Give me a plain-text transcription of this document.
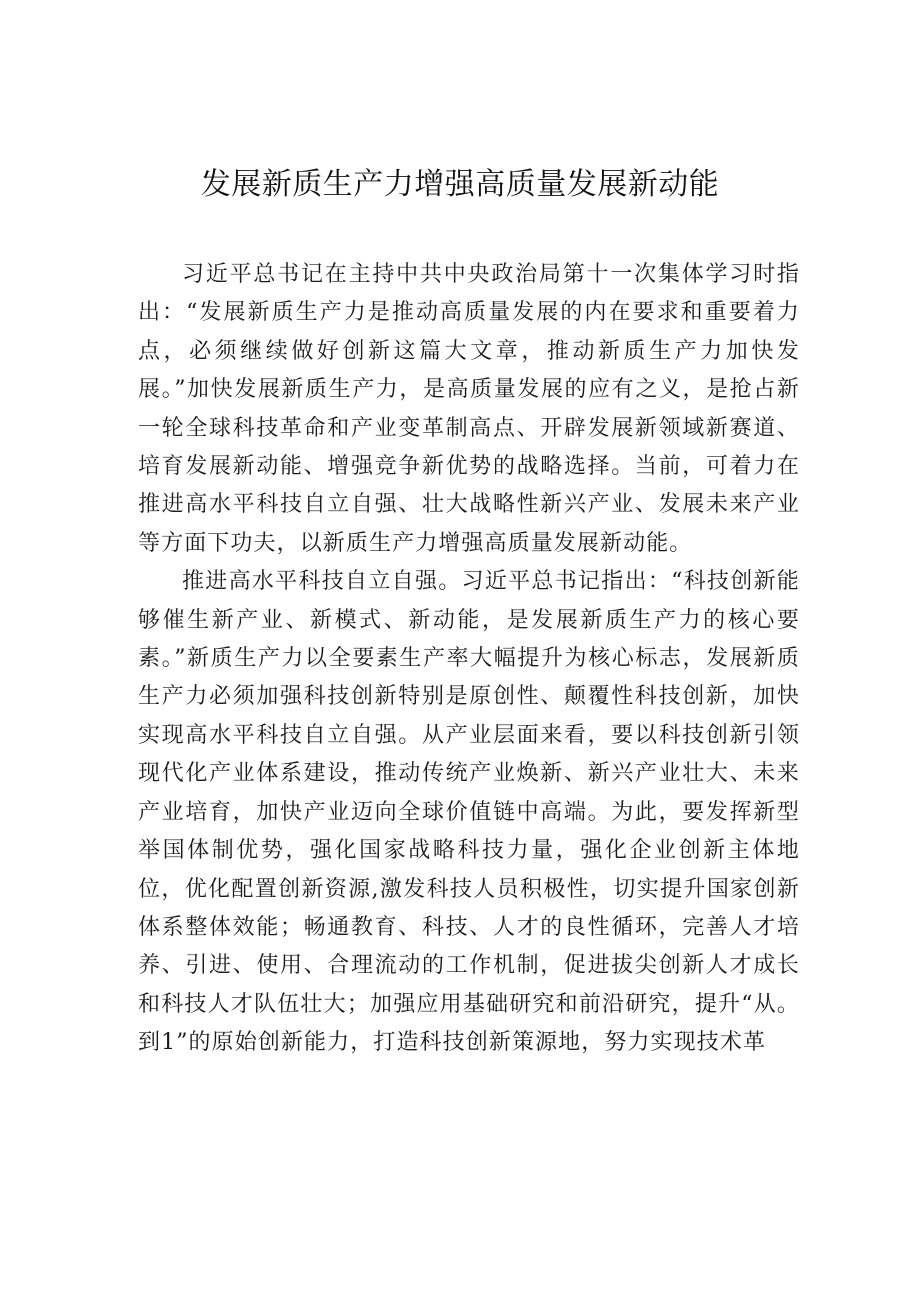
发展新质生产力增强高质量发展新动能

习近平总书记在主持中共中央政治局第十一次集体学习时指出：“发展新质生产力是推动高质量发展的内在要求和重要着力点，必须继续做好创新这篇大文章，推动新质生产力加快发展。”加快发展新质生产力，是高质量发展的应有之义，是抢占新一轮全球科技革命和产业变革制高点、开辟发展新领域新赛道、培育发展新动能、增强竞争新优势的战略选择。当前，可着力在推进高水平科技自立自强、壮大战略性新兴产业、发展未来产业等方面下功夫，以新质生产力增强高质量发展新动能。

推进高水平科技自立自强。习近平总书记指出：“科技创新能够催生新产业、新模式、新动能，是发展新质生产力的核心要素。”新质生产力以全要素生产率大幅提升为核心标志，发展新质生产力必须加强科技创新特别是原创性、颠覆性科技创新，加快实现高水平科技自立自强。从产业层面来看，要以科技创新引领现代化产业体系建设，推动传统产业焕新、新兴产业壮大、未来产业培育，加快产业迈向全球价值链中高端。为此，要发挥新型举国体制优势，强化国家战略科技力量，强化企业创新主体地位，优化配置创新资源,激发科技人员积极性，切实提升国家创新体系整体效能；畅通教育、科技、人才的良性循环，完善人才培养、引进、使用、合理流动的工作机制，促进拔尖创新人才成长和科技人才队伍壮大；加强应用基础研究和前沿研究，提升“从。到1”的原始创新能力，打造科技创新策源地，努力实现技术革
